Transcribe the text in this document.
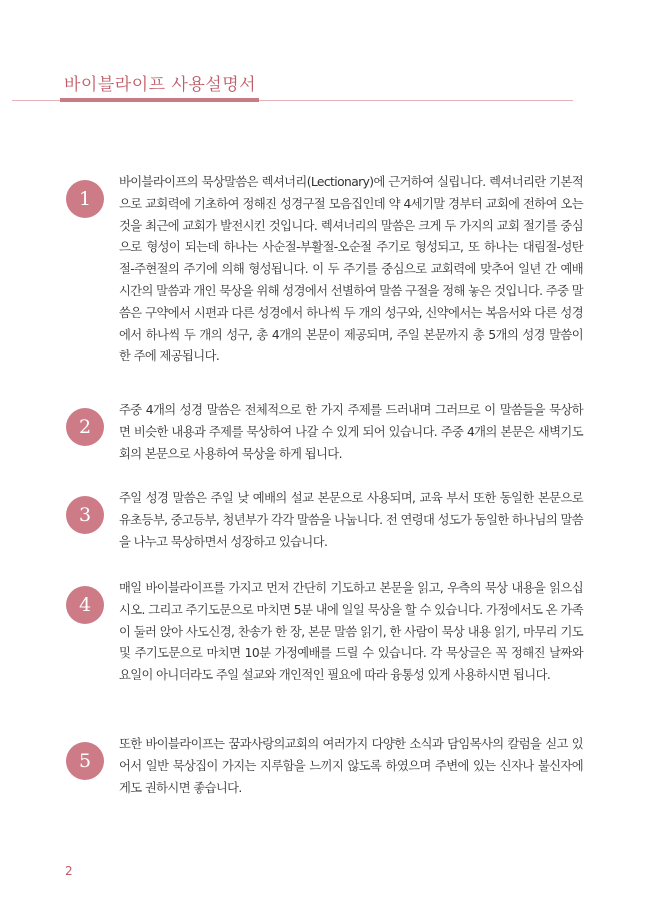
바이블라이프 사용설명서
1

바이블라이프의 묵상말씀은 렉셔너리(Lectionary)에 근거하여 실립니다. 렉셔너리란 기본적으로 교회력에 기초하여 정해진 성경구절 모음집인데 약 4세기말 경부터 교회에 전하여 오는 것을 최근에 교회가 발전시킨 것입니다. 렉셔너리의 말씀은 크게 두 가지의 교회 절기를 중심으로 형성이 되는데 하나는 사순절-부활절-오순절 주기로 형성되고, 또 하나는 대림절-성탄절-주현절의 주기에 의해 형성됩니다. 이 두 주기를 중심으로 교회력에 맞추어 일년 간 예배 시간의 말씀과 개인 묵상을 위해 성경에서 선별하여 말씀 구절을 정해 놓은 것입니다. 주중 말씀은 구약에서 시편과 다른 성경에서 하나씩 두 개의 성구와, 신약에서는 복음서와 다른 성경에서 하나씩 두 개의 성구, 총 4개의 본문이 제공되며, 주일 본문까지 총 5개의 성경 말씀이 한 주에 제공됩니다.

2

주중 4개의 성경 말씀은 전체적으로 한 가지 주제를 드러내며 그러므로 이 말씀들을 묵상하면 비슷한 내용과 주제를 묵상하여 나갈 수 있게 되어 있습니다. 주중 4개의 본문은 새벽기도회의 본문으로 사용하여 묵상을 하게 됩니다.

3

주일 성경 말씀은 주일 낮 예배의 설교 본문으로 사용되며, 교육 부서 또한 동일한 본문으로 유초등부, 중고등부, 청년부가 각각 말씀을 나눕니다. 전 연령대 성도가 동일한 하나님의 말씀을 나누고 묵상하면서 성장하고 있습니다.

4

매일 바이블라이프를 가지고 먼저 간단히 기도하고 본문을 읽고, 우측의 묵상 내용을 읽으십시오. 그리고 주기도문으로 마치면 5분 내에 일일 묵상을 할 수 있습니다. 가정에서도 온 가족이 둘러 앉아 사도신경, 찬송가 한 장, 본문 말씀 읽기, 한 사람이 묵상 내용 읽기, 마무리 기도 및 주기도문으로 마치면 10분 가정예배를 드릴 수 있습니다. 각 묵상글은 꼭 정해진 날짜와 요일이 아니더라도 주일 설교와 개인적인 필요에 따라 융통성 있게 사용하시면 됩니다.

5

또한 바이블라이프는 꿈과사랑의교회의 여러가지 다양한 소식과 담임목사의 칼럼을 싣고 있어서 일반 묵상집이 가지는 지루함을 느끼지 않도록 하였으며 주변에 있는 신자나 불신자에게도 권하시면 좋습니다.

2
